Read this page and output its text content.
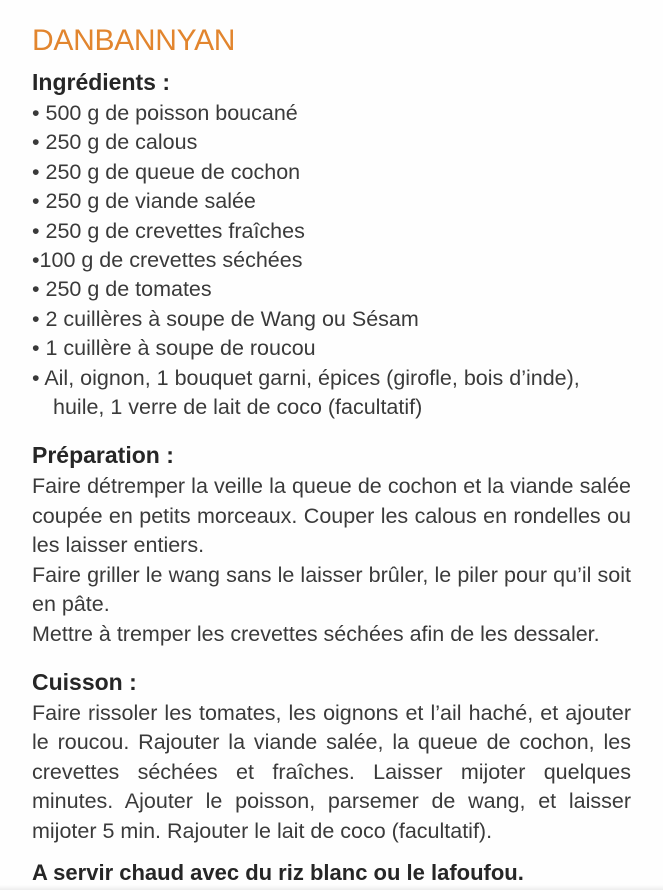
DANBANNYAN
Ingrédients :
• 500 g de poisson boucané
• 250 g de calous
• 250 g de queue de cochon
• 250 g de viande salée
• 250 g de crevettes fraîches
•100 g de crevettes séchées
• 250 g de tomates
• 2 cuillères à soupe de Wang ou Sésam
• 1 cuillère à soupe de roucou
• Ail, oignon, 1 bouquet garni, épices (girofle, bois d’inde), huile, 1 verre de lait de coco (facultatif)
Préparation :

Faire détremper la veille la queue de cochon et la viande salée coupée en petits morceaux. Couper les calous en rondelles ou les laisser entiers.

Faire griller le wang sans le laisser brûler, le piler pour qu’il soit en pâte.

Mettre à tremper les crevettes séchées afin de les dessaler.

Cuisson :

Faire rissoler les tomates, les oignons et l’ail haché, et ajouter le roucou. Rajouter la viande salée, la queue de cochon, les crevettes séchées et fraîches. Laisser mijoter quelques minutes. Ajouter le poisson, parsemer de wang, et laisser mijoter 5 min. Rajouter le lait de coco (facultatif).

A servir chaud avec du riz blanc ou le lafoufou.
